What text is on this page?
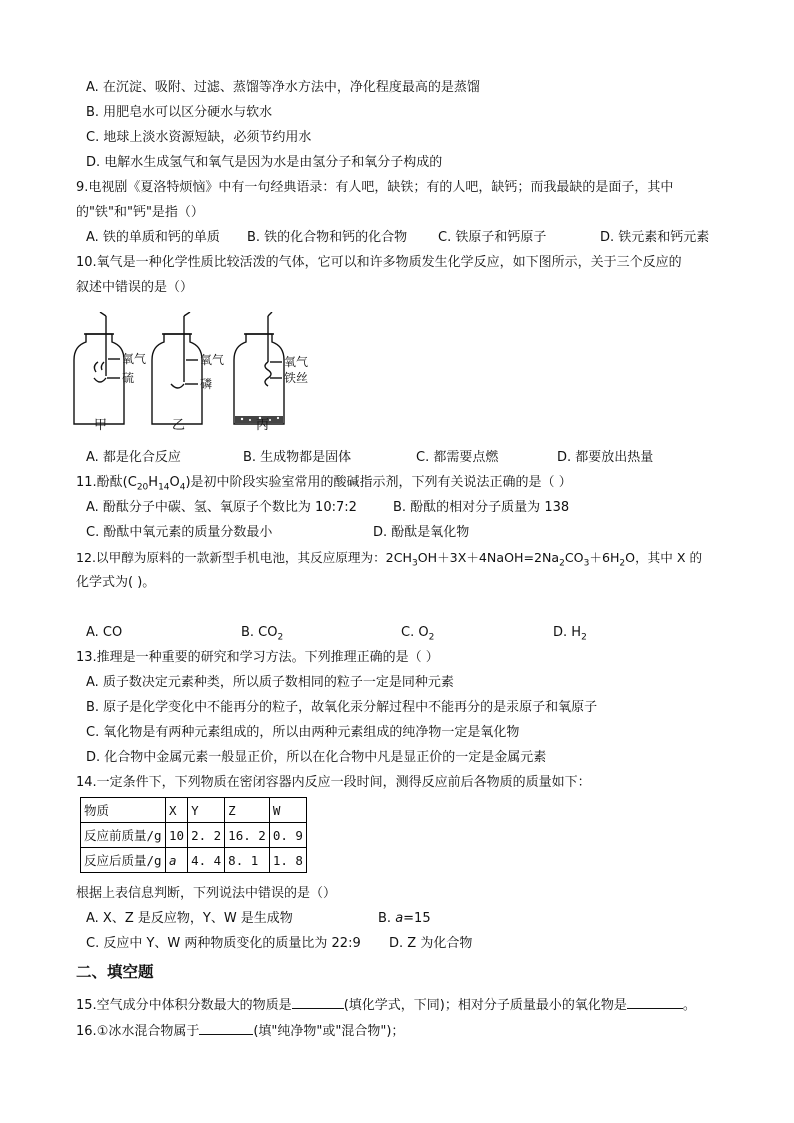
A. 在沉淀、吸附、过滤、蒸馏等净水方法中，净化程度最高的是蒸馏
B. 用肥皂水可以区分硬水与软水
C. 地球上淡水资源短缺，必须节约用水
D. 电解水生成氢气和氧气是因为水是由氢分子和氧分子构成的
9.电视剧《夏洛特烦恼》中有一句经典语录：有人吧，缺铁；有的人吧，缺钙；而我最缺的是面子，其中
的"铁"和"钙"是指（）
A. 铁的单质和钙的单质 B. 铁的化合物和钙的化合物 C. 铁原子和钙原子	D. 铁元素和钙元素
10.氧气是一种化学性质比较活泼的气体，它可以和许多物质发生化学反应，如下图所示，关于三个反应的
叙述中错误的是（）
氧气
硫
氧气
磷
氧气
铁丝
甲	乙	丙
A. 都是化合反应	B. 生成物都是固体	C. 都需要点燃	D. 都要放出热量
11.酚酞$(C_{20}H_{14}O_4)$是初中阶段实验室常用的酸碱指示剂，下列有关说法正确的是（ ）
A. 酚酞分子中碳、氢、氧原子个数比为 10:7:2	B. 酚酞的相对分子质量为 138
C. 酚酞中氧元素的质量分数最小	D. 酚酞是氧化物
12.以甲醇为原料的一款新型手机电池，其反应原理为：$2CH_3OH+3X+4NaOH=2Na_2CO_3+6H_2O$，其中 X 的
化学式为( )。
A. CO	B. $CO_2$	C. $O_2$	D. $H_2$
13.推理是一种重要的研究和学习方法。下列推理正确的是（ ）
A. 质子数决定元素种类，所以质子数相同的粒子一定是同种元素
B. 原子是化学变化中不能再分的粒子，故氧化汞分解过程中不能再分的是汞原子和氧原子
C. 氧化物是有两种元素组成的，所以由两种元素组成的纯净物一定是氧化物
D. 化合物中金属元素一般显正价，所以在化合物中凡是显正价的一定是金属元素
14.一定条件下，下列物质在密闭容器内反应一段时间，测得反应前后各物质的质量如下：
物质	X	Y	Z	W
反应前质量/g	10	2. 2	16. 2	0. 9
反应后质量/g	a	4. 4	8. 1	1. 8
根据上表信息判断，下列说法中错误的是（）
A. X、Z 是反应物，Y、W 是生成物	B. a=15
C. 反应中 Y、W 两种物质变化的质量比为 22:9 D. Z 为化合物
二、填空题
15.空气成分中体积分数最大的物质是	(填化学式，下同)；相对分子质量最小的氧化物是	。
16.①冰水混合物属于	(填"纯净物"或"混合物")；
